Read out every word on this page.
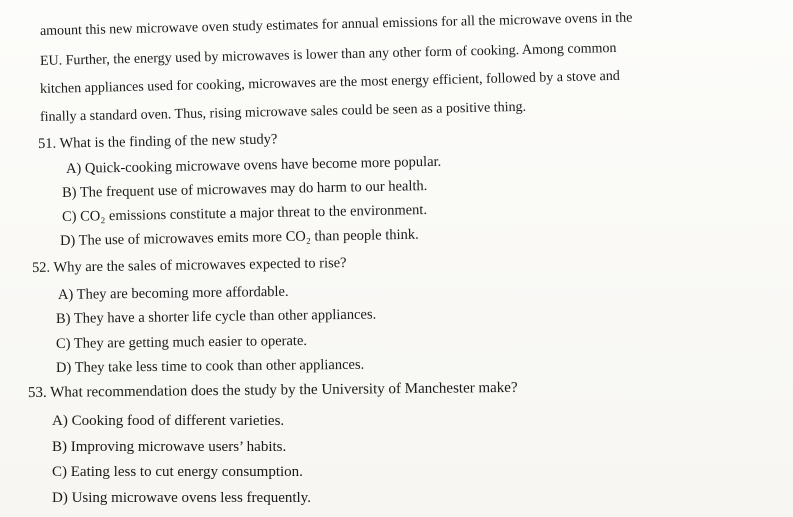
amount this new microwave oven study estimates for annual emissions for all the microwave ovens in the
EU. Further, the energy used by microwaves is lower than any other form of cooking. Among common
kitchen appliances used for cooking, microwaves are the most energy efficient, followed by a stove and
finally a standard oven. Thus, rising microwave sales could be seen as a positive thing.
51. What is the finding of the new study?
A) Quick-cooking microwave ovens have become more popular.
B) The frequent use of microwaves may do harm to our health.
C) CO₂ emissions constitute a major threat to the environment.
D) The use of microwaves emits more CO₂ than people think.
52. Why are the sales of microwaves expected to rise?
A) They are becoming more affordable.
B) They have a shorter life cycle than other appliances.
C) They are getting much easier to operate.
D) They take less time to cook than other appliances.
53. What recommendation does the study by the University of Manchester make?
A) Cooking food of different varieties.
B) Improving microwave users’ habits.
C) Eating less to cut energy consumption.
D) Using microwave ovens less frequently.
